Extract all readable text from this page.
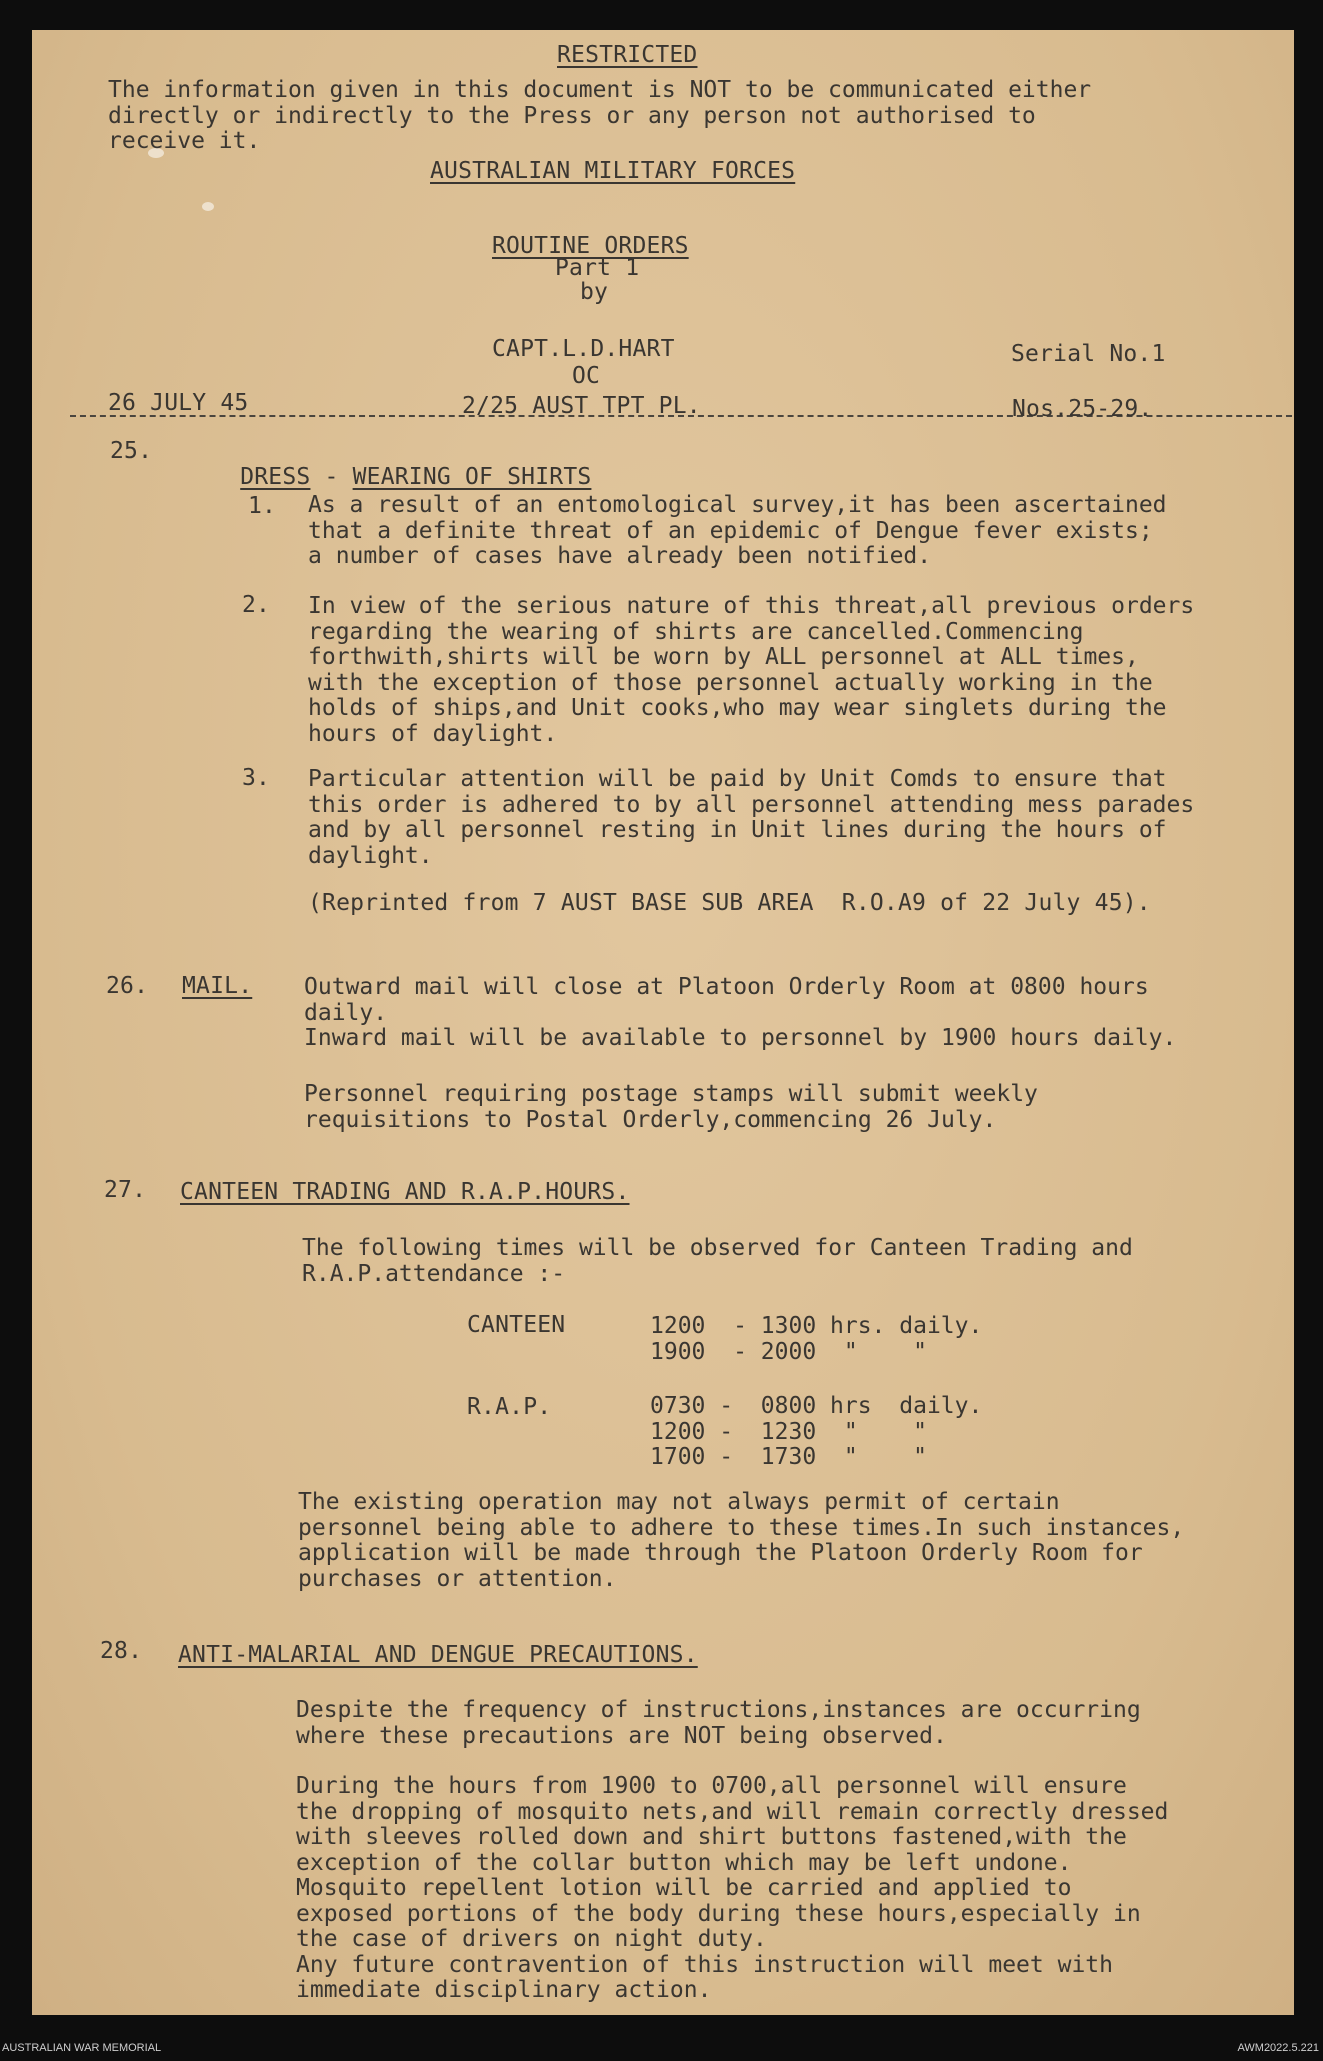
RESTRICTED
The information given in this document is NOT to be communicated either
directly or indirectly to the Press or any person not authorised to
receive it.
AUSTRALIAN MILITARY FORCES
ROUTINE ORDERS
Part 1
by
CAPT.L.D.HART	Serial No.1
OC
26 JULY 45	2/25 AUST TPT PL.	Nos.25-29.
25.

DRESS - WEARING OF SHIRTS

1. As a result of an entomological survey,it has been ascertained
that a definite threat of an epidemic of Dengue fever exists;
a number of cases have already been notified.
2. In view of the serious nature of this threat,all previous orders
regarding the wearing of shirts are cancelled.Commencing
forthwith,shirts will be worn by ALL personnel at ALL times,
with the exception of those personnel actually working in the
holds of ships,and Unit cooks,who may wear singlets during the
hours of daylight.
3. Particular attention will be paid by Unit Comds to ensure that
this order is adhered to by all personnel attending mess parades
and by all personnel resting in Unit lines during the hours of
daylight.
(Reprinted from 7 AUST BASE SUB AREA  R.O.A9 of 22 July 45).
26. MAIL. Outward mail will close at Platoon Orderly Room at 0800 hours
daily.
Inward mail will be available to personnel by 1900 hours daily.
Personnel requiring postage stamps will submit weekly
requisitions to Postal Orderly,commencing 26 July.
27. CANTEEN TRADING AND R.A.P.HOURS.
The following times will be observed for Canteen Trading and
R.A.P.attendance :-
CANTEEN	1200  - 1300 hrs. daily.
1900  - 2000  "    "
R.A.P.	0730 -  0800 hrs  daily.
1200 -  1230  "    "
1700 -  1730  "    "
The existing operation may not always permit of certain
personnel being able to adhere to these times.In such instances,
application will be made through the Platoon Orderly Room for
purchases or attention.
28. ANTI-MALARIAL AND DENGUE PRECAUTIONS.
Despite the frequency of instructions,instances are occurring
where these precautions are NOT being observed.
During the hours from 1900 to 0700,all personnel will ensure
the dropping of mosquito nets,and will remain correctly dressed
with sleeves rolled down and shirt buttons fastened,with the
exception of the collar button which may be left undone.
Mosquito repellent lotion will be carried and applied to
exposed portions of the body during these hours,especially in
the case of drivers on night duty.
Any future contravention of this instruction will meet with
immediate disciplinary action.
AUSTRALIAN WAR MEMORIAL	AWM2022.5.221
